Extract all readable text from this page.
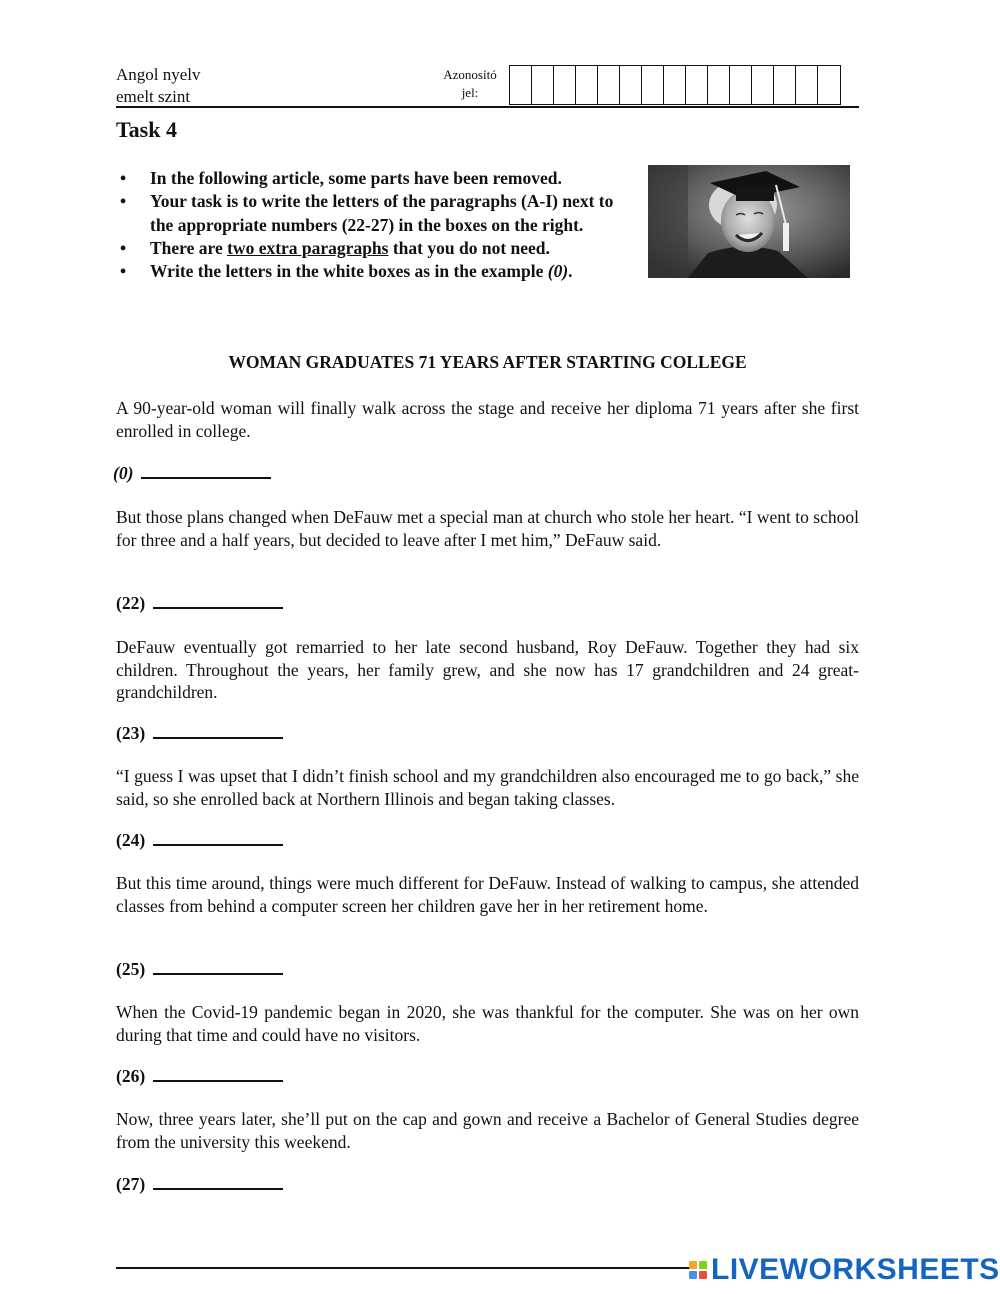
Angol nyelv
emelt szint
Azonosító
jel:
Task 4
• In the following article, some parts have been removed.
• Your task is to write the letters of the paragraphs (A-I) next to the appropriate numbers (22-27) in the boxes on the right.
• There are two extra paragraphs that you do not need.
• Write the letters in the white boxes as in the example (0).
WOMAN GRADUATES 71 YEARS AFTER STARTING COLLEGE
A 90-year-old woman will finally walk across the stage and receive her diploma 71 years after she first enrolled in college.
(0)
But those plans changed when DeFauw met a special man at church who stole her heart. “I went to school for three and a half years, but decided to leave after I met him,” DeFauw said.
(22)
DeFauw eventually got remarried to her late second husband, Roy DeFauw. Together they had six children. Throughout the years, her family grew, and she now has 17 grandchildren and 24 great-grandchildren.
(23)
“I guess I was upset that I didn’t finish school and my grandchildren also encouraged me to go back,” she said, so she enrolled back at Northern Illinois and began taking classes.
(24)
But this time around, things were much different for DeFauw. Instead of walking to campus, she attended classes from behind a computer screen her children gave her in her retirement home.
(25)
When the Covid-19 pandemic began in 2020, she was thankful for the computer. She was on her own during that time and could have no visitors.
(26)
Now, three years later, she’ll put on the cap and gown and receive a Bachelor of General Studies degree from the university this weekend.
(27)
LIVEWORKSHEETS
